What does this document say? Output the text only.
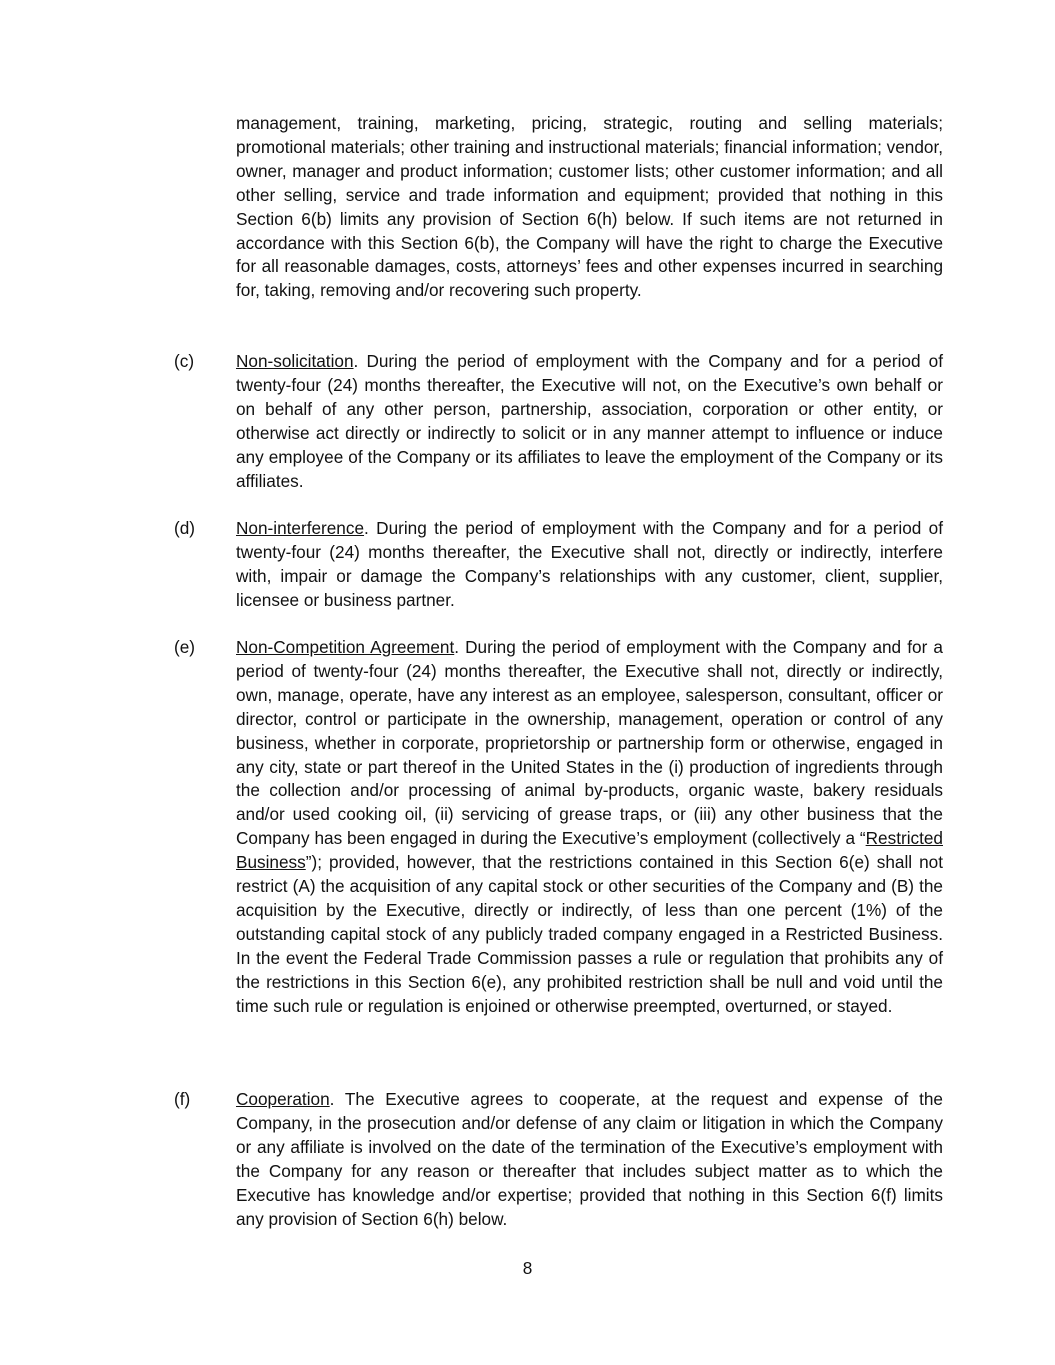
management, training, marketing, pricing, strategic, routing and selling materials; promotional materials; other training and instructional materials; financial information; vendor, owner, manager and product information; customer lists; other customer information; and all other selling, service and trade information and equipment; provided that nothing in this Section 6(b) limits any provision of Section 6(h) below. If such items are not returned in accordance with this Section 6(b), the Company will have the right to charge the Executive for all reasonable damages, costs, attorneys’ fees and other expenses incurred in searching for, taking, removing and/or recovering such property.

(c) Non-solicitation. During the period of employment with the Company and for a period of twenty-four (24) months thereafter, the Executive will not, on the Executive’s own behalf or on behalf of any other person, partnership, association, corporation or other entity, or otherwise act directly or indirectly to solicit or in any manner attempt to influence or induce any employee of the Company or its affiliates to leave the employment of the Company or its affiliates.

(d) Non-interference. During the period of employment with the Company and for a period of twenty-four (24) months thereafter, the Executive shall not, directly or indirectly, interfere with, impair or damage the Company’s relationships with any customer, client, supplier, licensee or business partner.

(e) Non-Competition Agreement. During the period of employment with the Company and for a period of twenty-four (24) months thereafter, the Executive shall not, directly or indirectly, own, manage, operate, have any interest as an employee, salesperson, consultant, officer or director, control or participate in the ownership, management, operation or control of any business, whether in corporate, proprietorship or partnership form or otherwise, engaged in any city, state or part thereof in the United States in the (i) production of ingredients through the collection and/or processing of animal by-products, organic waste, bakery residuals and/or used cooking oil, (ii) servicing of grease traps, or (iii) any other business that the Company has been engaged in during the Executive’s employment (collectively a “Restricted Business”); provided, however, that the restrictions contained in this Section 6(e) shall not restrict (A) the acquisition of any capital stock or other securities of the Company and (B) the acquisition by the Executive, directly or indirectly, of less than one percent (1%) of the outstanding capital stock of any publicly traded company engaged in a Restricted Business. In the event the Federal Trade Commission passes a rule or regulation that prohibits any of the restrictions in this Section 6(e), any prohibited restriction shall be null and void until the time such rule or regulation is enjoined or otherwise preempted, overturned, or stayed.

(f)	Cooperation. The Executive agrees to cooperate, at the request and expense of the Company, in the prosecution and/or defense of any claim or litigation in which the Company or any affiliate is involved on the date of the termination of the Executive’s employment with the Company for any reason or thereafter that includes subject matter as to which the Executive has knowledge and/or expertise; provided that nothing in this Section 6(f) limits any provision of Section 6(h) below.

8
